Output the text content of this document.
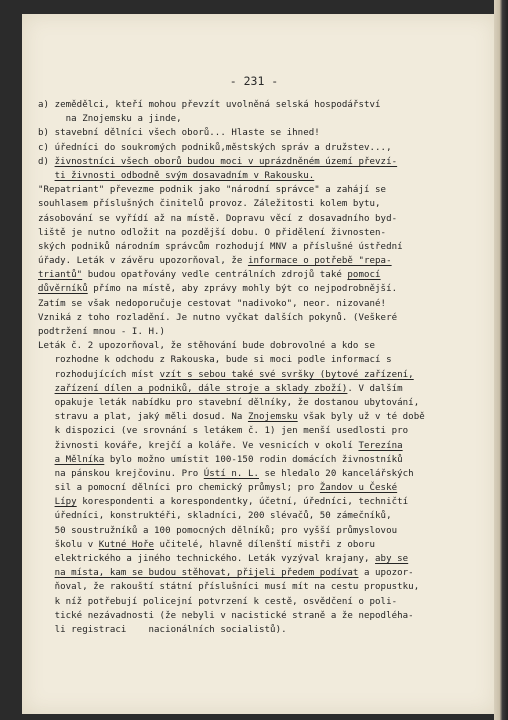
- 231 -
a) zemědělci, kteří mohou převzít uvolněná selská hospodářství
na Znojemsku a jinde,
b) stavební dělníci všech oborů... Hlaste se ihned!
c) úředníci do soukromých podniků,městských správ a družstev...,
d) živnostníci všech oborů budou moci v uprázdněném území převzí-
ti živnosti odbodně svým dosavadním v Rakousku.
"Repatriant" převezme podnik jako "národní správce" a zahájí se
souhlasem příslušných činitelů provoz. Záležitosti kolem bytu,
zásobování se vyřídí až na místě. Dopravu věcí z dosavadního byd-
liště je nutno odložit na pozdější dobu. O přidělení živnosten-
ských podniků národním správcům rozhodují MNV a příslušné ústřední
úřady. Leták v závěru upozorňoval, že informace o potřebě "repa-
triantů" budou opatřovány vedle centrálních zdrojů také pomocí
důvěrníků přímo na místě, aby zprávy mohly být co nejpodrobnější.
Zatím se však nedoporučuje cestovat "nadivoko", neor. nizované!
Vzniká z toho rozladění. Je nutno vyčkat dalších pokynů. (Veškeré
podtržení mnou - I. H.)
Leták č. 2 upozorňoval, že stěhování bude dobrovolné a kdo se
rozhodne k odchodu z Rakouska, bude si moci podle informací s
rozhodujících míst vzít s sebou také své svršky (bytové zařízení,
zařízení dílen a podniků, dále stroje a sklady zboží). V dalším
opakuje leták nabídku pro stavební dělníky, že dostanou ubytování,
stravu a plat, jaký měli dosud. Na Znojemsku však byly už v té době
k dispozici (ve srovnání s letákem č. 1) jen menší usedlosti pro
živnosti kováře, krejčí a koláře. Ve vesnicích v okolí Terezína
a Mělníka bylo možno umístit 100-150 rodin domácích živnostníků
na pánskou krejčovinu. Pro Ústí n. L. se hledalo 20 kancelářských
sil a pomocní dělníci pro chemický průmysl; pro Žandov u České
Lípy korespondenti a korespondentky, účetní, úředníci, techničtí
úředníci, konstruktéři, skladníci, 200 slévačů, 50 zámečníků,
50 soustružníků a 100 pomocných dělníků; pro vyšší průmyslovou
školu v Kutné Hoře učitelé, hlavně dílenští mistři z oboru
elektrického a jiného technického. Leták vyzýval krajany, aby se
na místa, kam se budou stěhovat, přijeli předem podívat a upozor-
ňoval, že rakouští státní příslušníci musí mít na cestu propustku,
k níž potřebují policejní potvrzení k cestě, osvědčení o poli-
tické nezávadnosti (že nebyli v nacistické straně a že nepodléha-
li registraci    nacionálních socialistů).
